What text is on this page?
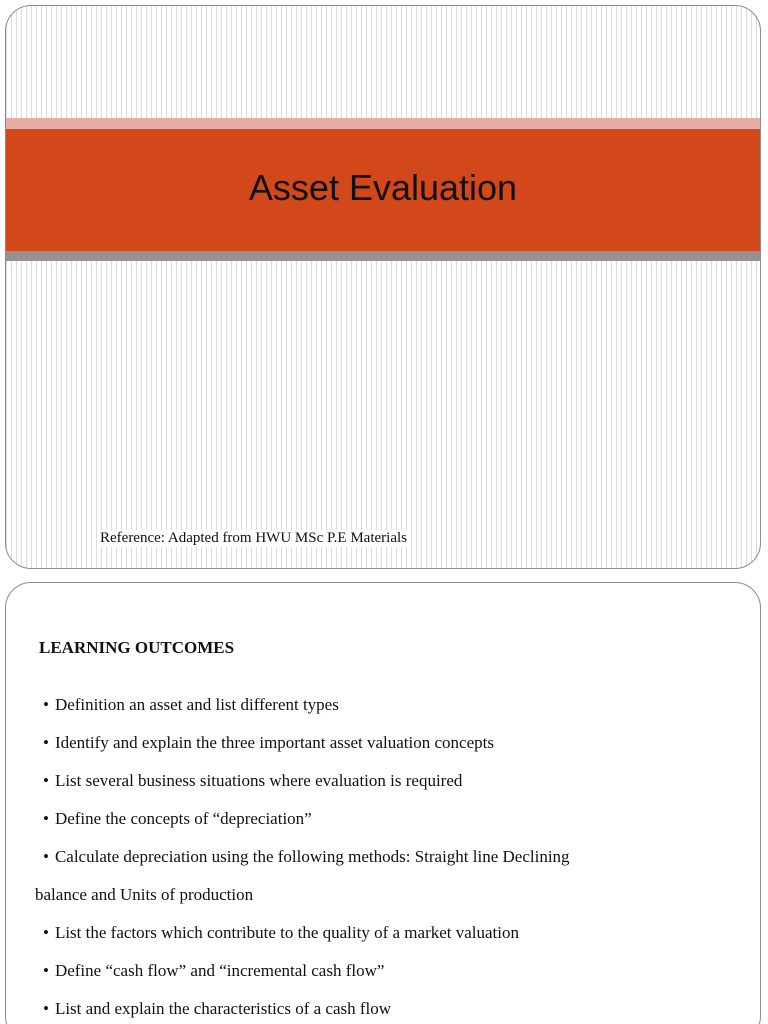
Asset Evaluation
Reference: Adapted from HWU MSc P.E Materials
LEARNING OUTCOMES
• Definition an asset and list different types
• Identify and explain the three important asset valuation concepts
• List several business situations where evaluation is required
• Define the concepts of “depreciation”
• Calculate depreciation using the following methods: Straight line Declining
balance and Units of production
• List the factors which contribute to the quality of a market valuation
• Define “cash flow” and “incremental cash flow”
• List and explain the characteristics of a cash flow
